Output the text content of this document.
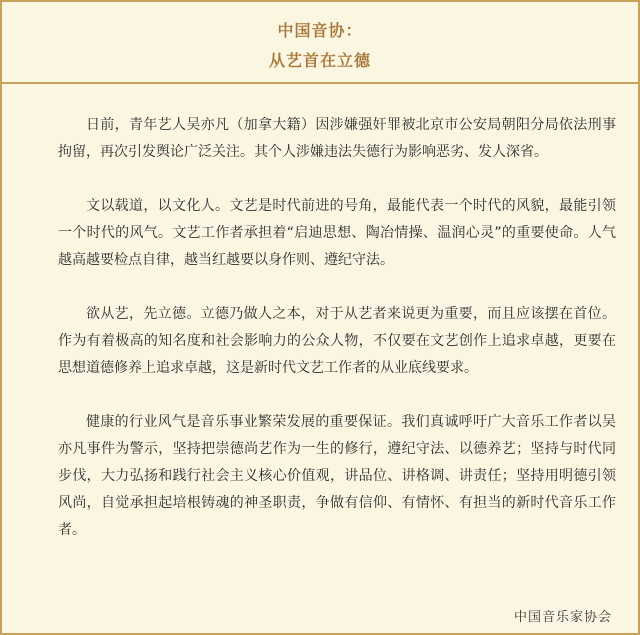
中国音协：
从艺首在立德

日前，青年艺人吴亦凡（加拿大籍）因涉嫌强奸罪被北京市公安局朝阳分局依法刑事拘留，再次引发舆论广泛关注。其个人涉嫌违法失德行为影响恶劣、发人深省。

文以载道，以文化人。文艺是时代前进的号角，最能代表一个时代的风貌，最能引领一个时代的风气。文艺工作者承担着“启迪思想、陶冶情操、温润心灵”的重要使命。人气越高越要检点自律，越当红越要以身作则、遵纪守法。

欲从艺，先立德。立德乃做人之本，对于从艺者来说更为重要，而且应该摆在首位。作为有着极高的知名度和社会影响力的公众人物，不仅要在文艺创作上追求卓越，更要在思想道德修养上追求卓越，这是新时代文艺工作者的从业底线要求。

健康的行业风气是音乐事业繁荣发展的重要保证。我们真诚呼吁广大音乐工作者以吴亦凡事件为警示，坚持把崇德尚艺作为一生的修行，遵纪守法、以德养艺；坚持与时代同步伐，大力弘扬和践行社会主义核心价值观，讲品位、讲格调、讲责任；坚持用明德引领风尚，自觉承担起培根铸魂的神圣职责，争做有信仰、有情怀、有担当的新时代音乐工作者。

中国音乐家协会
